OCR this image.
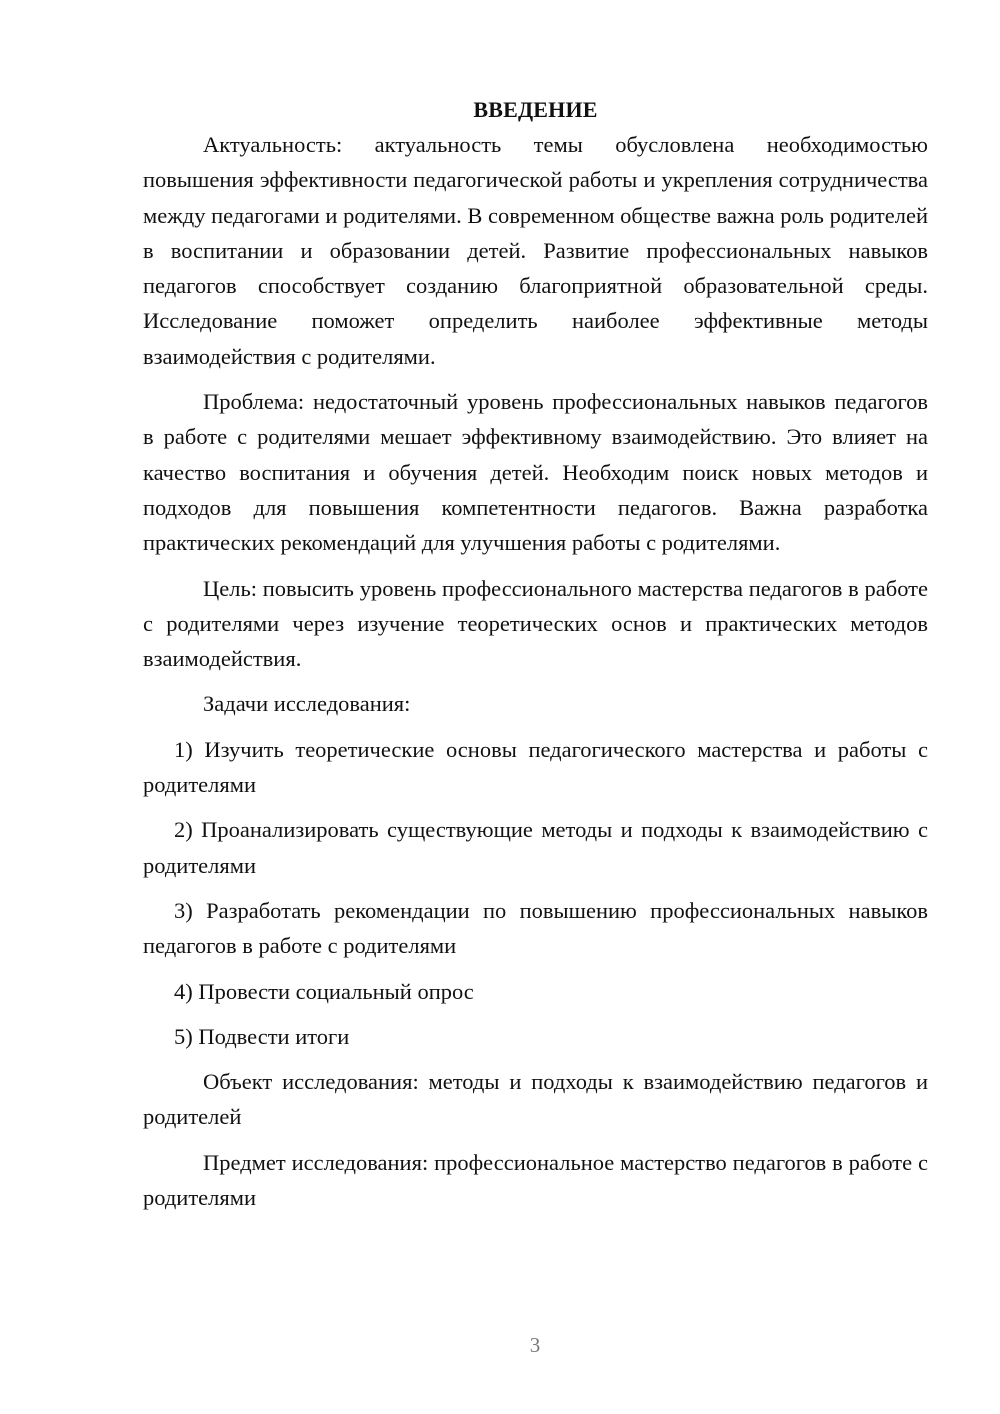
ВВЕДЕНИЕ

Актуальность: актуальность темы обусловлена необходимостью повышения эффективности педагогической работы и укрепления сотрудничества между педагогами и родителями. В современном обществе важна роль родителей в воспитании и образовании детей. Развитие профессиональных навыков педагогов способствует созданию благоприятной образовательной среды. Исследование поможет определить наиболее эффективные методы взаимодействия с родителями.

Проблема: недостаточный уровень профессиональных навыков педагогов в работе с родителями мешает эффективному взаимодействию. Это влияет на качество воспитания и обучения детей. Необходим поиск новых методов и подходов для повышения компетентности педагогов. Важна разработка практических рекомендаций для улучшения работы с родителями.

Цель: повысить уровень профессионального мастерства педагогов в работе с родителями через изучение теоретических основ и практических методов взаимодействия.

Задачи исследования:

1) Изучить теоретические основы педагогического мастерства и работы с родителями

2) Проанализировать существующие методы и подходы к взаимодействию с родителями

3) Разработать рекомендации по повышению профессиональных навыков педагогов в работе с родителями

4) Провести социальный опрос

5) Подвести итоги

Объект исследования: методы и подходы к взаимодействию педагогов и родителей

Предмет исследования: профессиональное мастерство педагогов в работе с родителями

3
